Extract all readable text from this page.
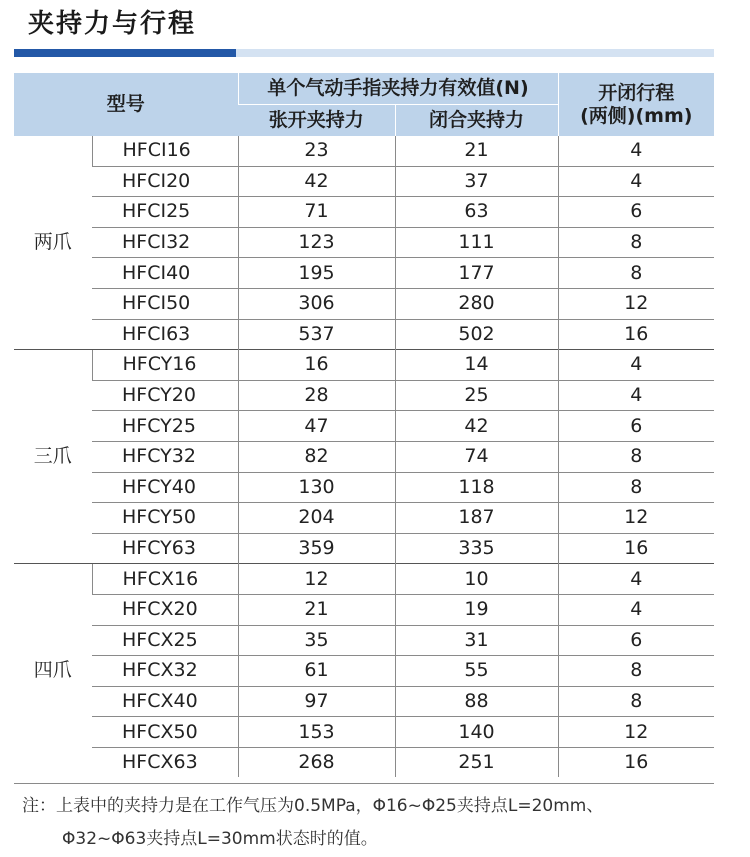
夹持力与行程
型号		单个气动手指夹持力有效值(N)		开闭行程
(两侧)(mm)

		张开夹持力	闭合夹持力	
两爪	HFCI16	23	21	4
	HFCI20	42	37	4
	HFCI25	71	63	6
	HFCI32	123	111	8
	HFCI40	195	177	8
	HFCI50	306	280	12
	HFCI63	537	502	16
三爪	HFCY16	16	14	4
	HFCY20	28	25	4
	HFCY25	47	42	6
	HFCY32	82	74	8
	HFCY40	130	118	8
	HFCY50	204	187	12
	HFCY63	359	335	16
四爪	HFCX16	12	10	4
	HFCX20	21	19	4
	HFCX25	35	31	6
	HFCX32	61	55	8
	HFCX40	97	88	8
	HFCX50	153	140	12
	HFCX63	268	251	16
注：上表中的夹持力是在工作气压为0.5MPa，Φ16~Φ25夹持点L=20mm、
Φ32~Φ63夹持点L=30mm状态时的值。
